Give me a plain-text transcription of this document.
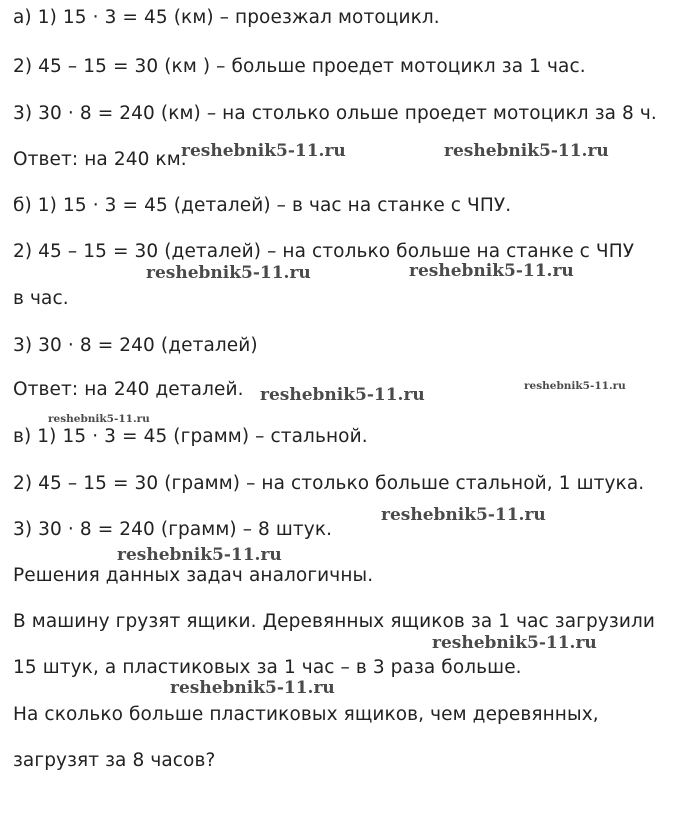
а) 1) 15 · 3 = 45 (км) – проезжал мотоцикл.
2) 45 – 15 = 30 (км ) – больше проедет мотоцикл за 1 час.
3) 30 · 8 = 240 (км) – на столько ольше проедет мотоцикл за 8 ч.
Ответ: на 240 км.
б) 1) 15 · 3 = 45 (деталей) – в час на станке с ЧПУ.
2) 45 – 15 = 30 (деталей) – на столько больше на станке с ЧПУ
в час.
3) 30 · 8 = 240 (деталей)
Ответ: на 240 деталей.
в) 1) 15 · 3 = 45 (грамм) – стальной.
2) 45 – 15 = 30 (грамм) – на столько больше стальной, 1 штука.
3) 30 · 8 = 240 (грамм) – 8 штук.
Решения данных задач аналогичны.
В машину грузят ящики. Деревянных ящиков за 1 час загрузили
15 штук, а пластиковых за 1 час – в 3 раза больше.
На сколько больше пластиковых ящиков, чем деревянных,
загрузят за 8 часов?
reshebnik5-11.ru	reshebnik5-11.ru
reshebnik5-11.ru	reshebnik5-11.ru
reshebnik5-11.ru	reshebnik5-11.ru
reshebnik5-11.ru
reshebnik5-11.ru
reshebnik5-11.ru
reshebnik5-11.ru
reshebnik5-11.ru
